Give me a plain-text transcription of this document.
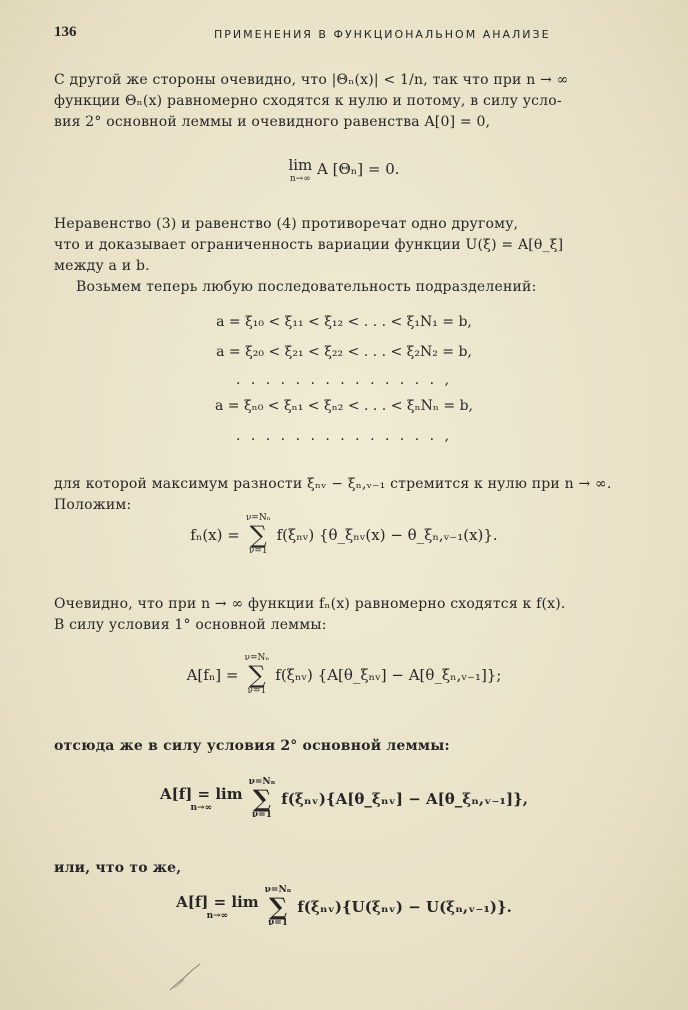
136	ПРИМЕНЕНИЯ В ФУНКЦИОНАЛЬНОМ АНАЛИЗЕ
С другой же стороны очевидно, что |Θₙ(x)| < 1/n, так что при n → ∞
функции Θₙ(x) равномерно сходятся к нулю и потому, в силу усло-
вия 2° основной леммы и очевидного равенства A[0] = 0,
lim
n→∞
A [Θₙ] = 0.
Неравенство (3) и равенство (4) противоречат одно другому,
что и доказывает ограниченность вариации функции U(ξ) = A[θ_ξ]
между a и b.
Возьмем теперь любую последовательность подразделений:
a = ξ₁₀ < ξ₁₁ < ξ₁₂ < . . . < ξ₁N₁ = b,
a = ξ₂₀ < ξ₂₁ < ξ₂₂ < . . . < ξ₂N₂ = b,
. . . . . . . . . . . . . . ,
a = ξₙ₀ < ξₙ₁ < ξₙ₂ < . . . < ξₙNₙ = b,
. . . . . . . . . . . . . . ,
для которой максимум разности ξₙᵥ − ξₙ,ᵥ₋₁ стремится к нулю при n → ∞.
Положим:
fₙ(x) =
ν=Nₙ
∑
ν=1
f(ξₙᵥ) {θ_ξₙᵥ(x) − θ_ξₙ,ᵥ₋₁(x)}.
Очевидно, что при n → ∞ функции fₙ(x) равномерно сходятся к f(x).
В силу условия 1° основной леммы:
A[fₙ] =
ν=Nₙ
∑
ν=1
f(ξₙᵥ) {A[θ_ξₙᵥ] − A[θ_ξₙ,ᵥ₋₁]};
отсюда же в силу условия 2° основной леммы:
A[f] = lim
n→∞
ν=Nₙ
∑
ν=1
f(ξₙᵥ){A[θ_ξₙᵥ] − A[θ_ξₙ,ᵥ₋₁]},
или, что то же,
A[f] = lim
n→∞
ν=Nₙ
∑
ν=1
f(ξₙᵥ){U(ξₙᵥ) − U(ξₙ,ᵥ₋₁)}.
